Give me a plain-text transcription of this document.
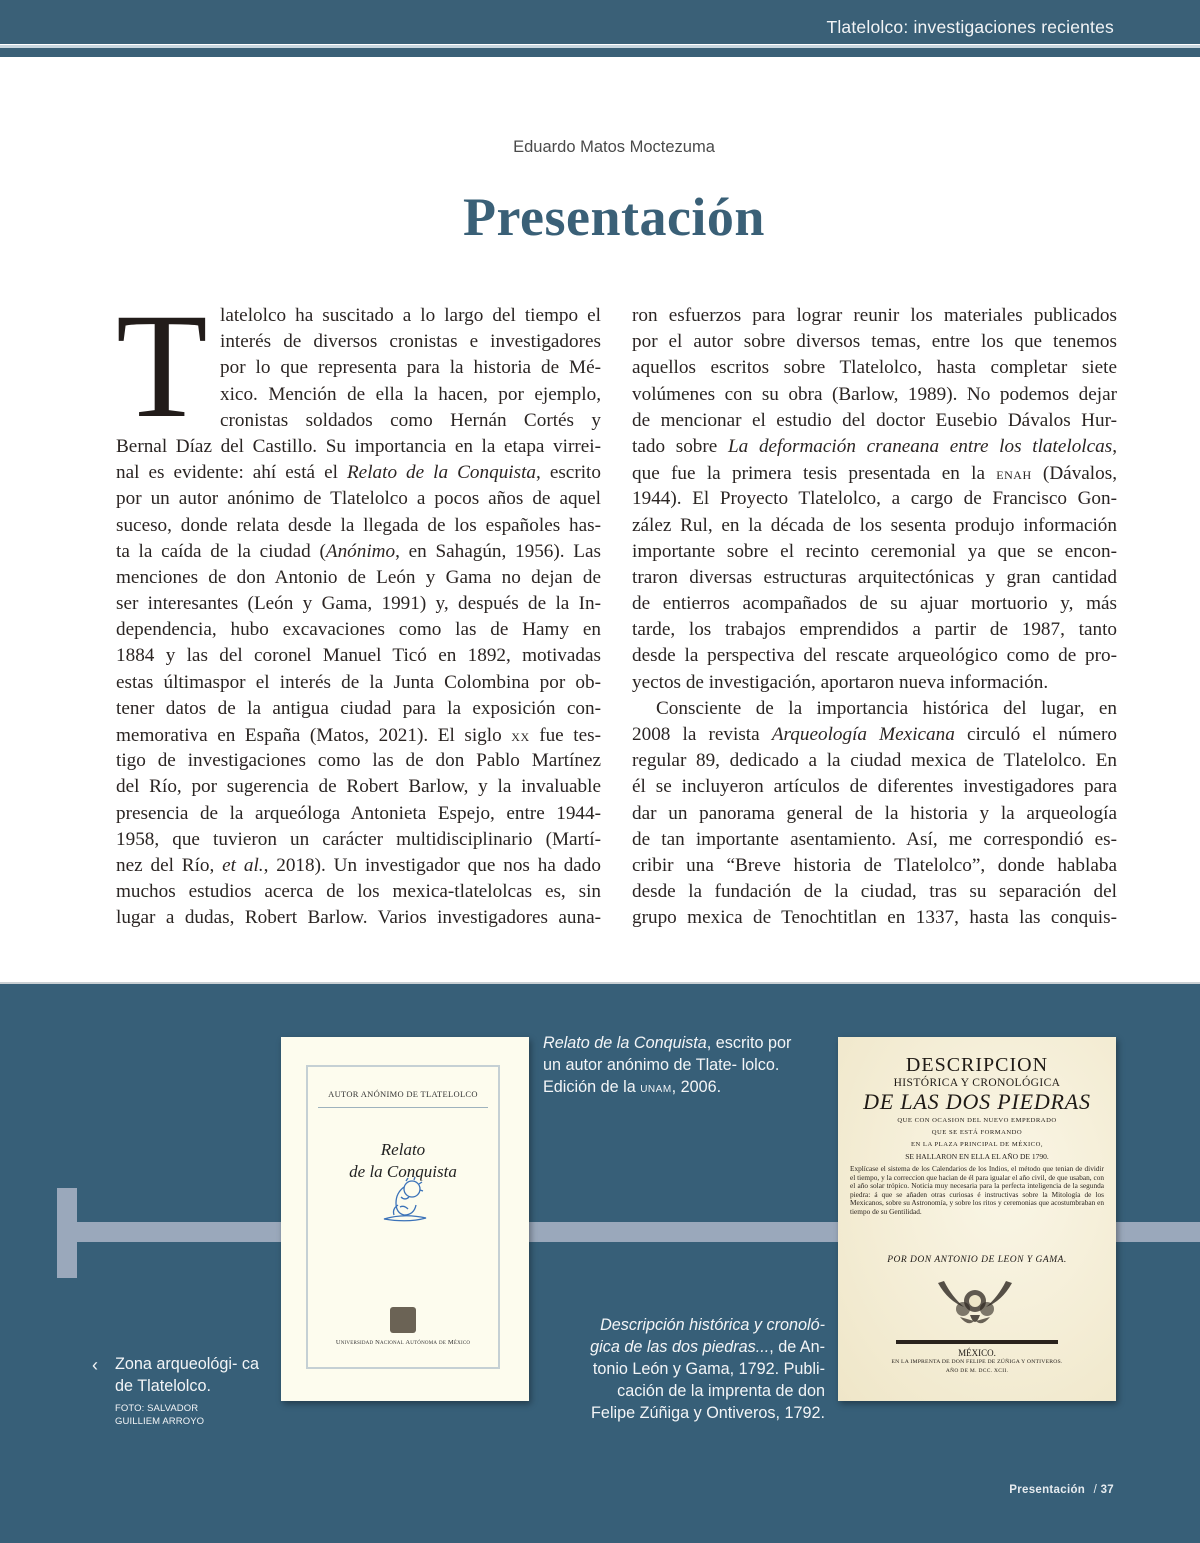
Tlatelolco: investigaciones recientes
Eduardo Matos Moctezuma
Presentación
T latelolco ha suscitado a lo largo del tiempo el
interés de diversos cronistas e investigadores
por lo que representa para la historia de Mé-
xico. Mención de ella la hacen, por ejemplo,
cronistas soldados como Hernán Cortés y
Bernal Díaz del Castillo. Su importancia en la etapa virrei-
nal es evidente: ahí está el Relato de la Conquista, escrito
por un autor anónimo de Tlatelolco a pocos años de aquel
suceso, donde relata desde la llegada de los españoles has-
ta la caída de la ciudad (Anónimo, en Sahagún, 1956). Las
menciones de don Antonio de León y Gama no dejan de
ser interesantes (León y Gama, 1991) y, después de la In-
dependencia, hubo excavaciones como las de Hamy en
1884 y las del coronel Manuel Ticó en 1892, motivadas
estas últimaspor el interés de la Junta Colombina por ob-
tener datos de la antigua ciudad para la exposición con-
memorativa en España (Matos, 2021). El siglo xx fue tes-
tigo de investigaciones como las de don Pablo Martínez
del Río, por sugerencia de Robert Barlow, y la invaluable
presencia de la arqueóloga Antonieta Espejo, entre 1944-
1958, que tuvieron un carácter multidisciplinario (Martí-
nez del Río, et al., 2018). Un investigador que nos ha dado
muchos estudios acerca de los mexica-tlatelolcas es, sin
lugar a dudas, Robert Barlow. Varios investigadores auna-
ron esfuerzos para lograr reunir los materiales publicados
por el autor sobre diversos temas, entre los que tenemos
aquellos escritos sobre Tlatelolco, hasta completar siete
volúmenes con su obra (Barlow, 1989). No podemos dejar
de mencionar el estudio del doctor Eusebio Dávalos Hur-
tado sobre La deformación craneana entre los tlatelolcas,
que fue la primera tesis presentada en la enah (Dávalos,
1944). El Proyecto Tlatelolco, a cargo de Francisco Gon-
zález Rul, en la década de los sesenta produjo información
importante sobre el recinto ceremonial ya que se encon-
traron diversas estructuras arquitectónicas y gran cantidad
de entierros acompañados de su ajuar mortuorio y, más
tarde, los trabajos emprendidos a partir de 1987, tanto
desde la perspectiva del rescate arqueológico como de pro-
yectos de investigación, aportaron nueva información.
Consciente de la importancia histórica del lugar, en
2008 la revista Arqueología Mexicana circuló el número
regular 89, dedicado a la ciudad mexica de Tlatelolco. En
él se incluyeron artículos de diferentes investigadores para
dar un panorama general de la historia y la arqueología
de tan importante asentamiento. Así, me correspondió es-
cribir una “Breve historia de Tlatelolco”, donde hablaba
desde la fundación de la ciudad, tras su separación del
grupo mexica de Tenochtitlan en 1337, hasta las conquis-
AUTOR ANÓNIMO DE TLATELOLCO
Relato
de la Conquista
Universidad Nacional Autónoma de México
Relato de la Conquista, escrito por un autor anónimo de Tlate- lolco. Edición de la unam, 2006.
DESCRIPCION
HISTÓRICA Y CRONOLÓGICA
DE LAS DOS PIEDRAS
QUE CON OCASION DEL NUEVO EMPEDRADO
QUE SE ESTÁ FORMANDO
EN LA PLAZA PRINCIPAL DE MÉXICO,
SE HALLARON EN ELLA EL AÑO DE 1790.
Explícase el sistema de los Calendarios de los Indios, el método que tenian de dividir el tiempo, y la correccion que hacian de él para igualar el año civil, de que usaban, con el año solar trópico. Noticia muy necesaria para la perfecta inteligencia de la segunda piedra: á que se añaden otras curiosas é instructivas sobre la Mitología de los Mexicanos, sobre su Astronomía, y sobre los ritos y ceremonias que acostumbraban en tiempo de su Gentilidad.
POR DON ANTONIO DE LEON Y GAMA.
MÉXICO.
EN LA IMPRENTA DE DON FELIPE DE ZÚÑIGA Y ONTIVEROS.
AÑO DE M. DCC. XCII.
Descripción histórica y cronoló-
gica de las dos piedras..., de An-
tonio León y Gama, 1792. Publi-
cación de la imprenta de don
Felipe Zúñiga y Ontiveros, 1792.
‹	Zona arqueológi- ca de Tlatelolco.
FOTO: SALVADOR
GUILLIEM ARROYO
Presentación / 37
